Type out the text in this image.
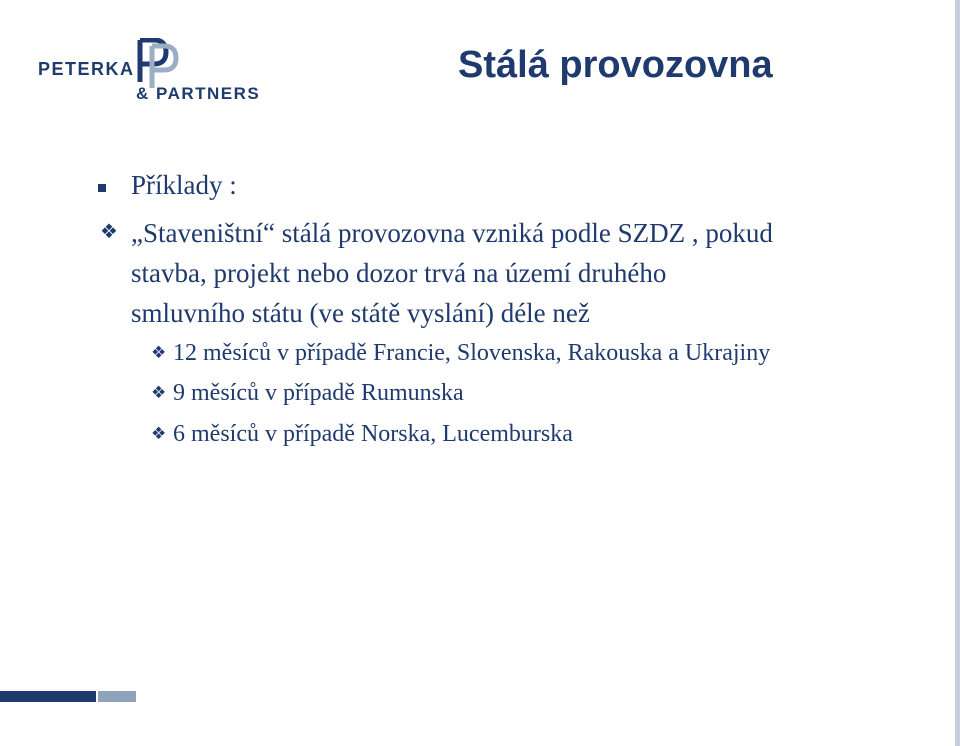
PETERKA
& PARTNERS
Stálá provozovna
Příklady :
❖ „Staveništní“ stálá provozovna vzniká podle SZDZ , pokud
stavba, projekt nebo dozor trvá na území druhého
smluvního státu (ve státě vyslání) déle než
❖ 12 měsíců v případě Francie, Slovenska, Rakouska a Ukrajiny
❖ 9 měsíců v případě Rumunska
❖ 6 měsíců v případě Norska, Lucemburska
